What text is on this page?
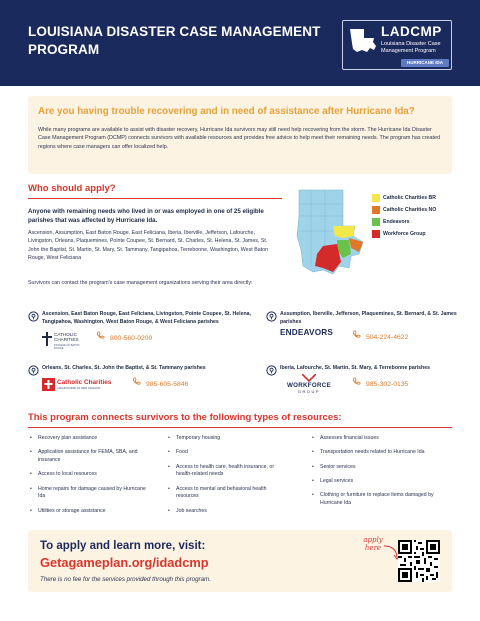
LOUISIANA DISASTER CASE MANAGEMENT PROGRAM
LADCMP
Louisiana Disaster Case Management Program
HURRICANE IDA
Are you having trouble recovering and in need of assistance after Hurricane Ida?
While many programs are available to assist with disaster recovery, Hurricane Ida survivors may still need help recovering from the storm. The Hurricane Ida Disaster Case Management Program (DCMP) connects survivors with available resources and provides free advice to help meet their remaining needs. The program has created regions where case managers can offer localized help.
Who should apply?
Anyone with remaining needs who lived in or was employed in one of 25 eligible parishes that was affected by Hurricane Ida.
Ascension, Assumption, East Baton Rouge, East Feliciana, Iberia, Iberville, Jefferson, Lafourche, Livingston, Orleans, Plaquemines, Pointe Coupee, St. Bernard, St. Charles, St. Helena, St. James, St. John the Baptist, St. Martin, St. Mary, St. Tammany, Tangipahoa, Terrebonne, Washington, West Baton Rouge, West Feliciana
Survivors can contact the program's case management organizations serving their area directly:
Catholic Charities BR
Catholic Charities NO
Endeavors
Workforce Group
Ascension, East Baton Rouge, East Feliciana, Livingston, Pointe Coupee, St. Helena, Tangipahoa, Washington, West Baton Rouge, & West Feliciana parishes
CATHOLIC CHARITIES
DIOCESE OF BATON ROUGE
800-560-0200
Assumption, Iberville, Jefferson, Plaquemines, St. Bernard, & St. James parishes
ENDEAVORS
504-224-4622
Orleans, St. Charles, St. John the Baptist, & St. Tammany parishes
Catholic Charities
ARCHDIOCESE OF NEW ORLEANS
985-605-5846
Iberia, Lafourche, St. Martin, St. Mary, & Terrebonne parishes
WORKFORCE
GROUP
985-302-0135
This program connects survivors to the following types of resources:
• Recovery plan assistance
• Application assistance for FEMA, SBA, and insurance
• Access to local resources
• Home repairs for damage caused by Hurricane Ida
• Utilities or storage assistance
• Temporary housing
• Food
• Access to health care, health insurance, or health-related needs
• Access to mental and behavioral health resources
• Job searches
• Assesses financial issues
• Transportation needs related to Hurricane Ida
• Senior services
• Legal services
• Clothing or furniture to replace items damaged by Hurricane Ida
To apply and learn more, visit:
Getagameplan.org/idadcmp
There is no fee for the services provided through this program.
apply here
